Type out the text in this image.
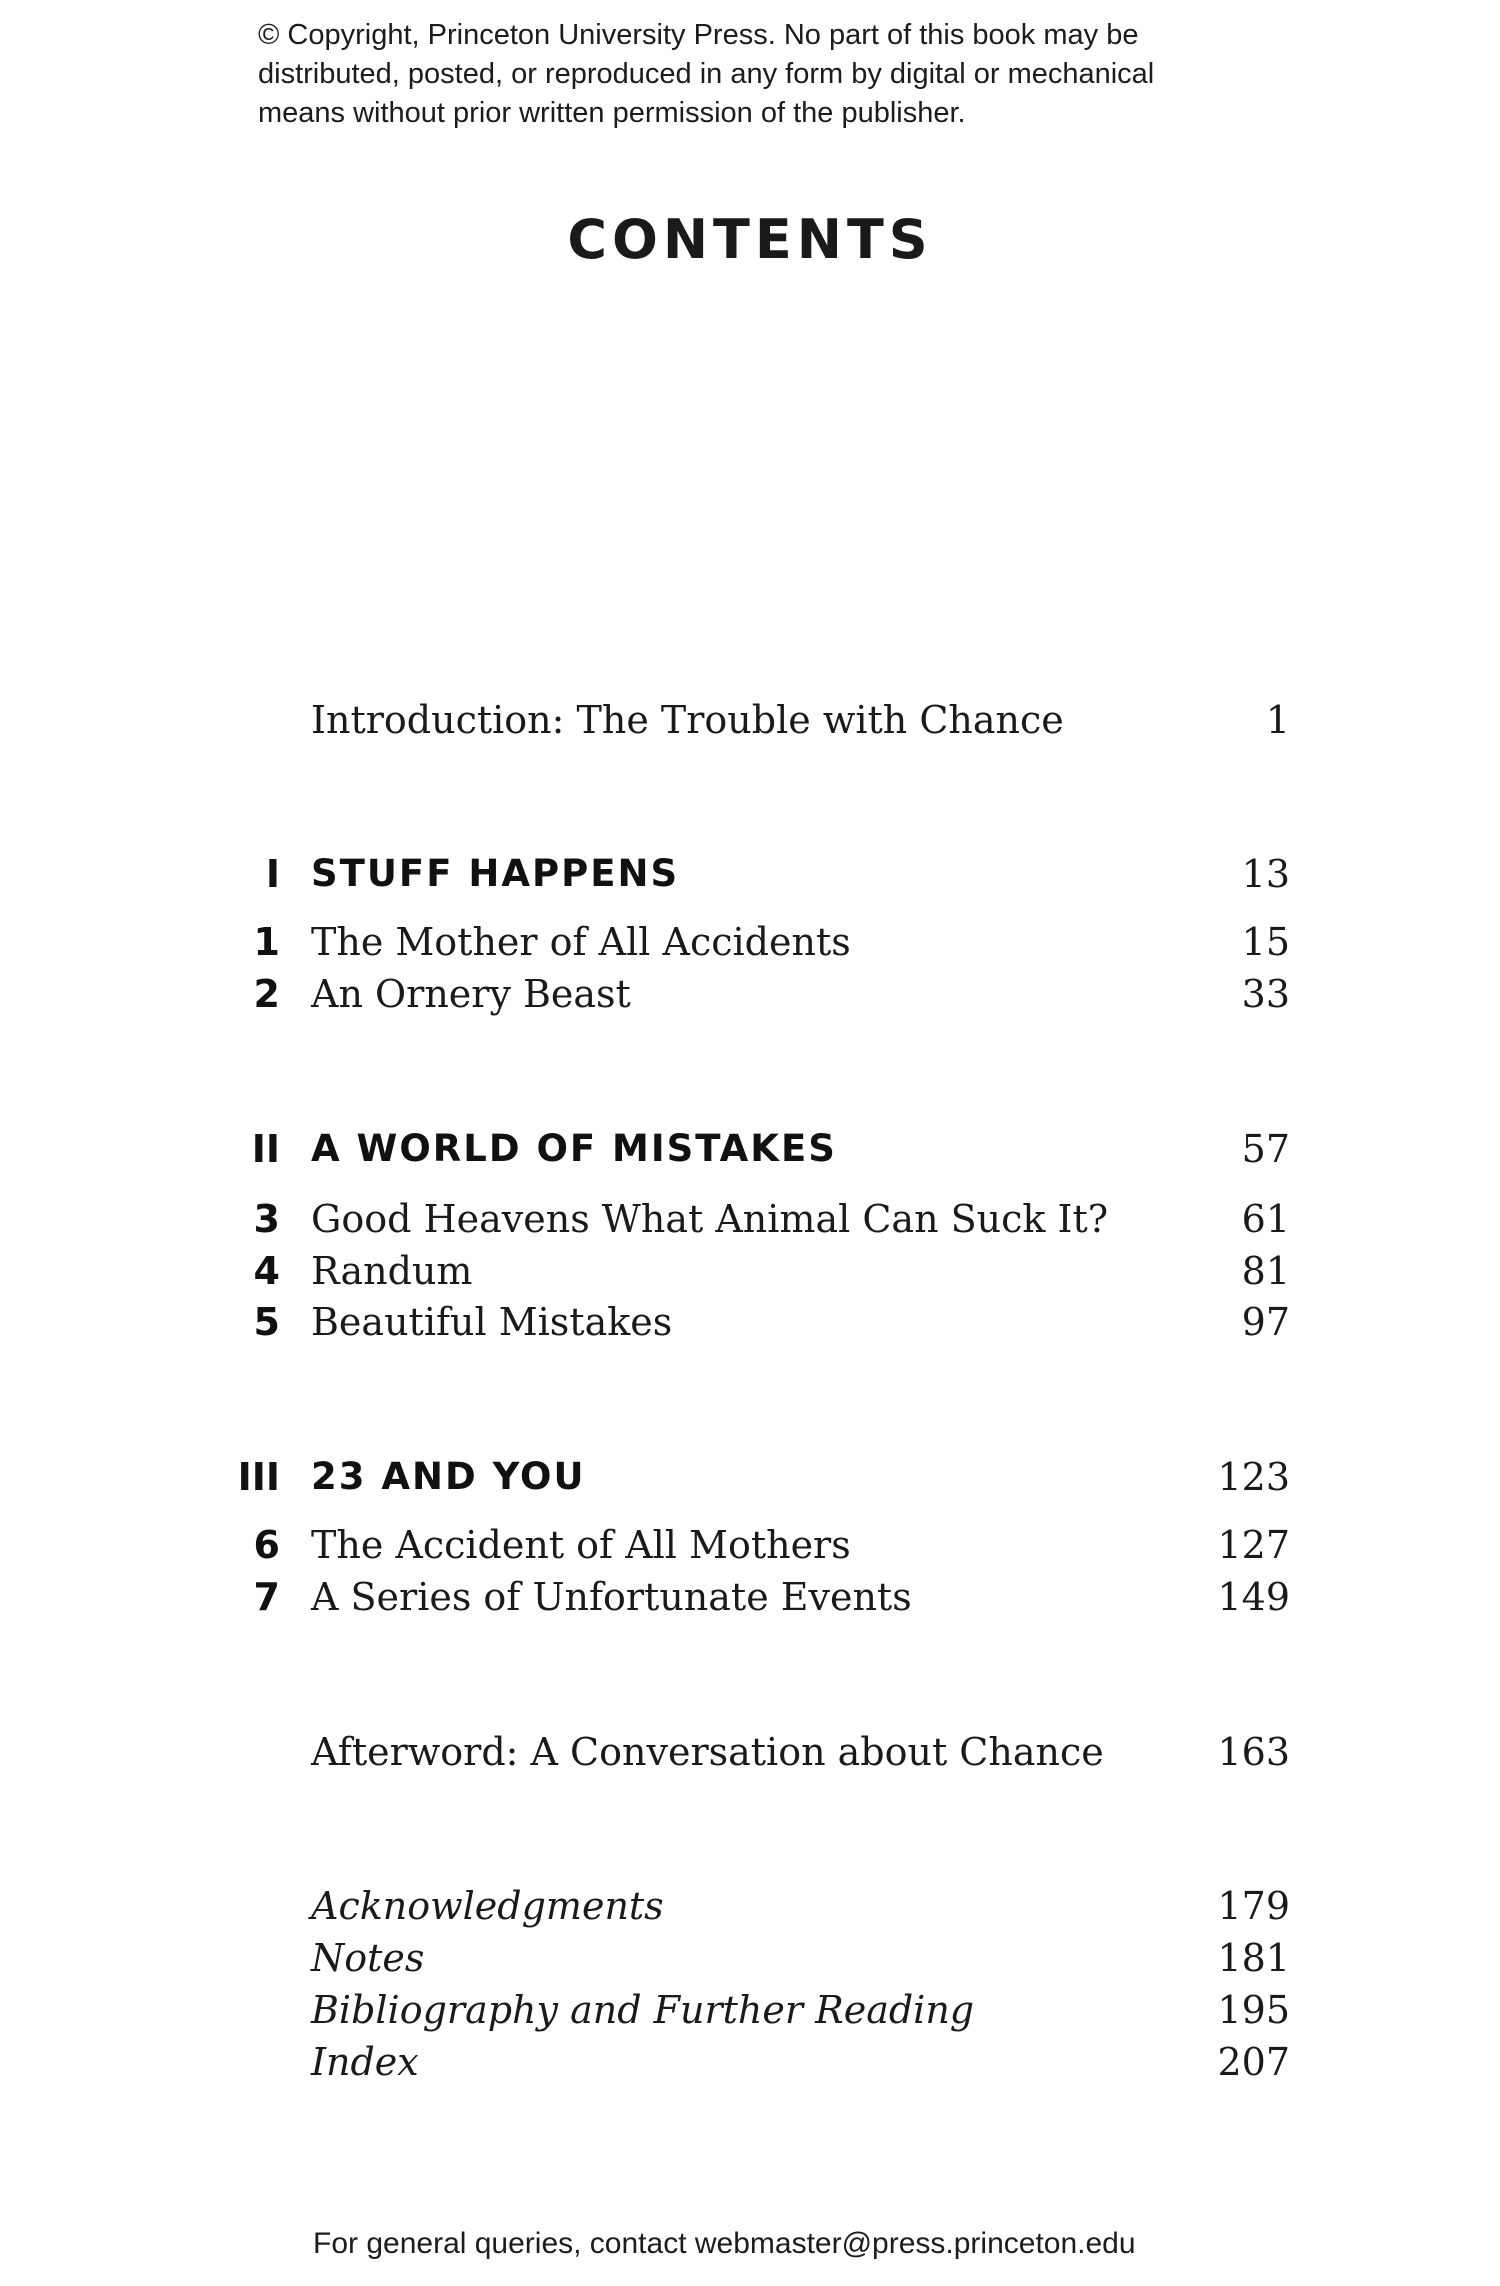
© Copyright, Princeton University Press. No part of this book may be
distributed, posted, or reproduced in any form by digital or mechanical
means without prior written permission of the publisher.
CONTENTS
Introduction: The Trouble with Chance	1
I STUFF HAPPENS	13
1 The Mother of All Accidents	15
2 An Ornery Beast	33
II A WORLD OF MISTAKES	57
3 Good Heavens What Animal Can Suck It?	61
4 Randum	81
5 Beautiful Mistakes	97
III 23 AND YOU	123
6 The Accident of All Mothers	127
7 A Series of Unfortunate Events	149
Afterword: A Conversation about Chance	163
Acknowledgments	179
Notes	181
Bibliography and Further Reading	195
Index	207
For general queries, contact webmaster@press.princeton.edu
